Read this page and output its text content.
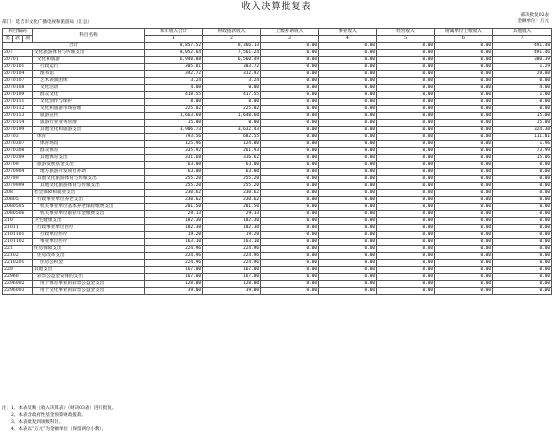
收入决算批复表
部决批复02表
金额单位：万元
部门：延吉市文化广播电视和旅游局（汇总）
科目编码			科目名称	本年收入合计	财政拨款收入	上级补助收入	事业收入	经营收入	附属单位上缴收入	其他收入
类	款	项								
				1	2	3	4	5	6	7
合计				8,857.52	8,366.13	0.00	0.00	0.00	0.00	491.48
207			文化旅游体育与传媒支出	8,052.64	7,561.24	0.00	0.00	0.00	0.00	491.46
20701			文化和旅游	6,940.88	6,560.49	0.00	0.00	0.00	0.00	380.39
2070101			行政运行	305.01	303.72	0.00	0.00	0.00	0.00	1.29
2070104			图书馆	342.72	312.92	0.00	0.00	0.00	0.00	29.80
2070107			艺术表演团体	3.24	3.24	0.00	0.00	0.00	0.00	0.00
2070108			文化活动	4.00	0.00	0.00	0.00	0.00	0.00	4.00
2070109			群众文化	418.55	417.55	0.00	0.00	0.00	0.00	1.00
2070111			文化创作与保护	0.00	0.00	0.00	0.00	0.00	0.00	0.00
2070112			文化和旅游市场管理	225.02	225.02	0.00	0.00	0.00	0.00	0.00
2070113			旅游宣传	1,663.60	1,648.60	0.00	0.00	0.00	0.00	15.00
2070114			旅游行业业务管理	15.00	0.00	0.00	0.00	0.00	0.00	15.00
2070199			其他文化和旅游支出	3,906.73	3,632.43	0.00	0.00	0.00	0.00	324.30
20703			体育	793.56	682.55	0.00	0.00	0.00	0.00	111.01
2070307			体育场馆	125.96	124.00	0.00	0.00	0.00	0.00	1.96
2070308			群众体育	335.92	261.93	0.00	0.00	0.00	0.00	73.99
2070399			其他体育支出	331.68	316.62	0.00	0.00	0.00	0.00	15.06
20709			旅游发展基金支出	63.00	63.00	0.00	0.00	0.00	0.00	0.00
2070904			地方旅游开发项目补助	63.00	63.00	0.00	0.00	0.00	0.00	0.00
20799			其他文化旅游体育与传媒支出	255.20	255.20	0.00	0.00	0.00	0.00	0.00
2079999			其他文化旅游体育与传媒支出	255.20	255.20	0.00	0.00	0.00	0.00	0.00
208			社会保障和就业支出	230.62	230.62	0.00	0.00	0.00	0.00	0.00
20805			行政事业单位养老支出	230.62	230.62	0.00	0.00	0.00	0.00	0.00
2080505			机关事业单位基本养老保险缴费支出	201.50	201.50	0.00	0.00	0.00	0.00	0.00
2080506			机关事业单位职业年金缴费支出	29.13	29.13	0.00	0.00	0.00	0.00	0.00
210			卫生健康支出	182.30	182.30	0.00	0.00	0.00	0.00	0.00
21011			行政事业单位医疗	182.30	182.30	0.00	0.00	0.00	0.00	0.00
2101101			行政单位医疗	19.20	19.20	0.00	0.00	0.00	0.00	0.00
2101102			事业单位医疗	163.10	163.10	0.00	0.00	0.00	0.00	0.00
221			住房保障支出	224.96	224.96	0.00	0.00	0.00	0.00	0.00
22102			住房改革支出	224.96	224.96	0.00	0.00	0.00	0.00	0.00
2210201			住房公积金	224.96	224.96	0.00	0.00	0.00	0.00	0.00
229			其他支出	167.00	167.00	0.00	0.00	0.00	0.00	0.00
22960			彩票公益金安排的支出	167.00	167.00	0.00	0.00	0.00	0.00	0.00
2296002			用于体育事业的彩票公益金支出	128.00	128.00	0.00	0.00	0.00	0.00	0.00
2296003			用于文化事业的彩票公益金支出	39.00	39.00	0.00	0.00	0.00	0.00	0.00
注：1、本表反映《收入决算表》（财决03表）进行批复。
2、本表含政府性基金预算财政拨款。
3、本表批复到项级科目。
4、本表以“万元”为金额单位（保留两位小数）。
